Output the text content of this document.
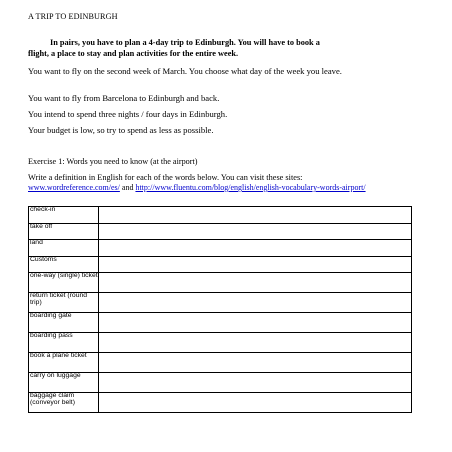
A TRIP TO EDINBURGH
In pairs, you have to plan a 4-day trip to Edinburgh. You will have to book a
flight, a place to stay and plan activities for the entire week.
You want to fly on the second week of March. You choose what day of the week you leave.
You want to fly from Barcelona to Edinburgh and back.
You intend to spend three nights / four days in Edinburgh.
Your budget is low, so try to spend as less as possible.
Exercise 1: Words you need to know (at the airport)
Write a definition in English for each of the words below. You can visit these sites:
www.wordreference.com/es/ and http://www.fluentu.com/blog/english/english-vocabulary-words-airport/
check-in	
take off	
land	
Customs	
one-way (single) ticket	
return ticket (round trip)	
boarding gate	
boarding pass	
book a plane ticket	
carry on luggage	
baggage claim (conveyor belt)	
